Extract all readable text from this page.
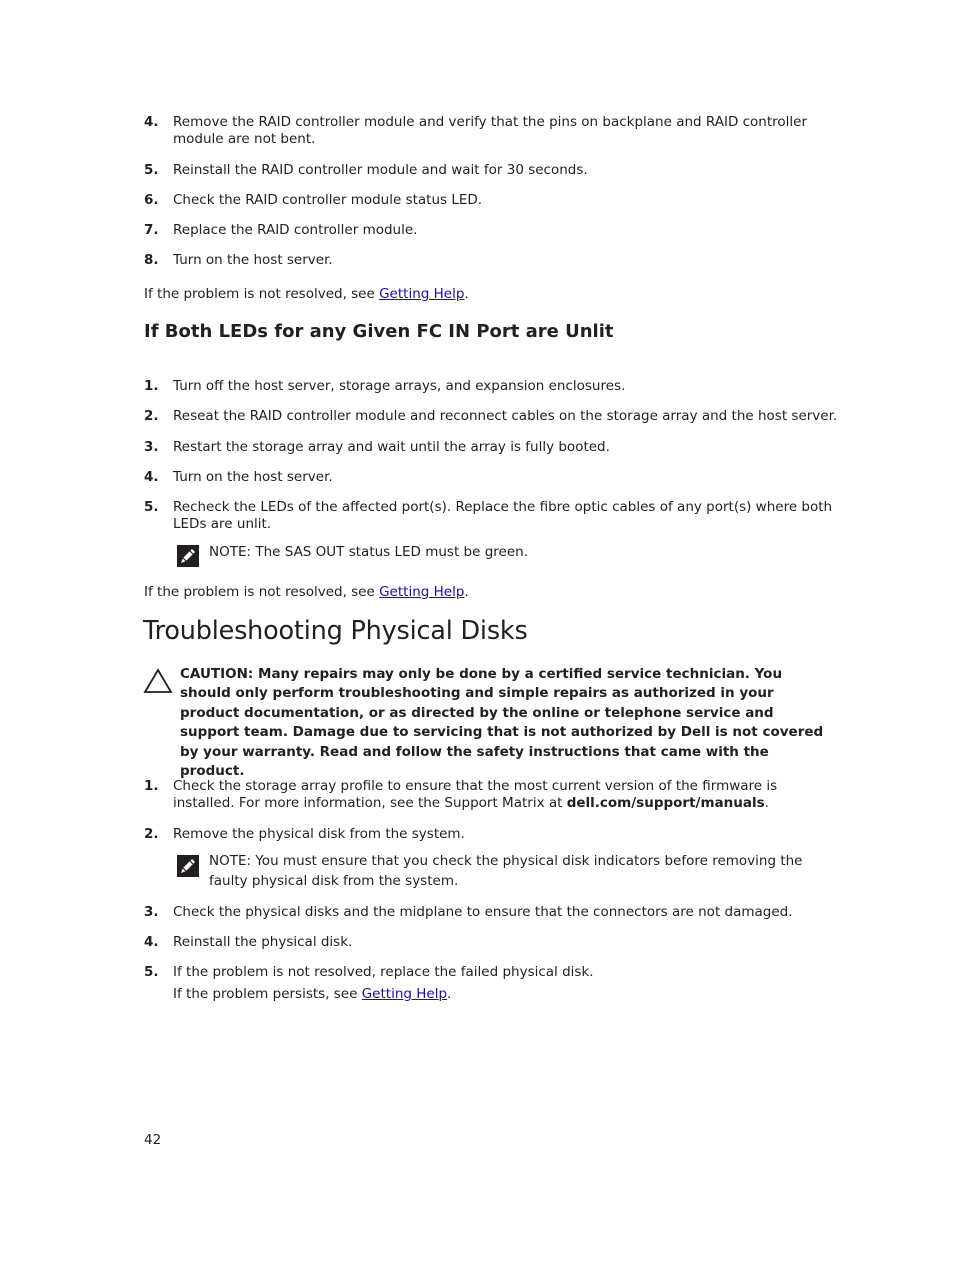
4. Remove the RAID controller module and verify that the pins on backplane and RAID controller module are not bent.
5. Reinstall the RAID controller module and wait for 30 seconds.
6. Check the RAID controller module status LED.
7. Replace the RAID controller module.
8. Turn on the host server.
If the problem is not resolved, see Getting Help.
If Both LEDs for any Given FC IN Port are Unlit
1. Turn off the host server, storage arrays, and expansion enclosures.
2. Reseat the RAID controller module and reconnect cables on the storage array and the host server.
3. Restart the storage array and wait until the array is fully booted.
4. Turn on the host server.
5. Recheck the LEDs of the affected port(s). Replace the fibre optic cables of any port(s) where both LEDs are unlit.
NOTE: The SAS OUT status LED must be green.
If the problem is not resolved, see Getting Help.
Troubleshooting Physical Disks
CAUTION: Many repairs may only be done by a certified service technician. You should only perform troubleshooting and simple repairs as authorized in your product documentation, or as directed by the online or telephone service and support team. Damage due to servicing that is not authorized by Dell is not covered by your warranty. Read and follow the safety instructions that came with the product.
1. Check the storage array profile to ensure that the most current version of the firmware is installed. For more information, see the Support Matrix at dell.com/support/manuals.
2. Remove the physical disk from the system.
NOTE: You must ensure that you check the physical disk indicators before removing the faulty physical disk from the system.
3. Check the physical disks and the midplane to ensure that the connectors are not damaged.
4. Reinstall the physical disk.
5. If the problem is not resolved, replace the failed physical disk.
If the problem persists, see Getting Help.
42
